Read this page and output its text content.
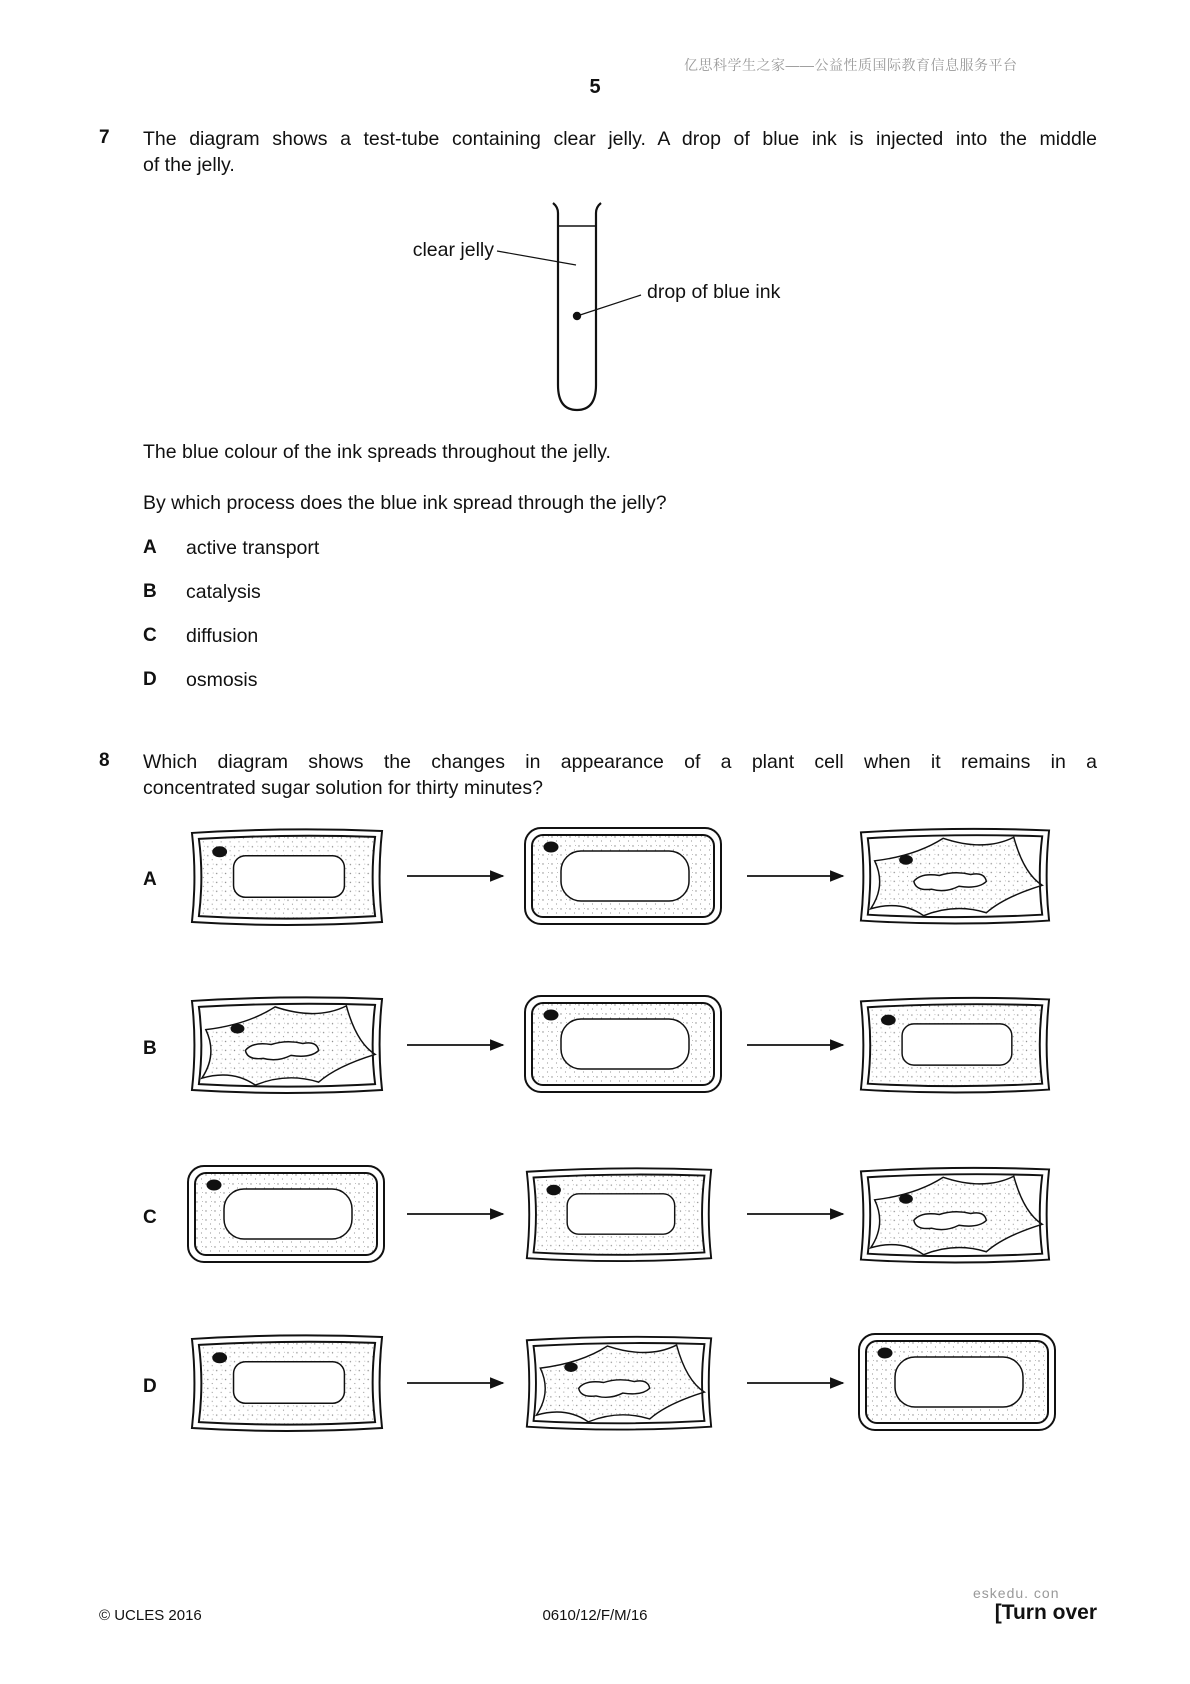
亿思科学生之家——公益性质国际教育信息服务平台
5
7 The diagram shows a test-tube containing clear jelly. A drop of blue ink is injected into the middle
of the jelly.
clear jelly
drop of blue ink
The blue colour of the ink spreads throughout the jelly.
By which process does the blue ink spread through the jelly?
A active transport
B catalysis
C diffusion
D osmosis
8 Which diagram shows the changes in appearance of a plant cell when it remains in a
concentrated sugar solution for thirty minutes?
A
B
C
D
eskedu. con
© UCLES 2016	0610/12/F/M/16	[Turn over
